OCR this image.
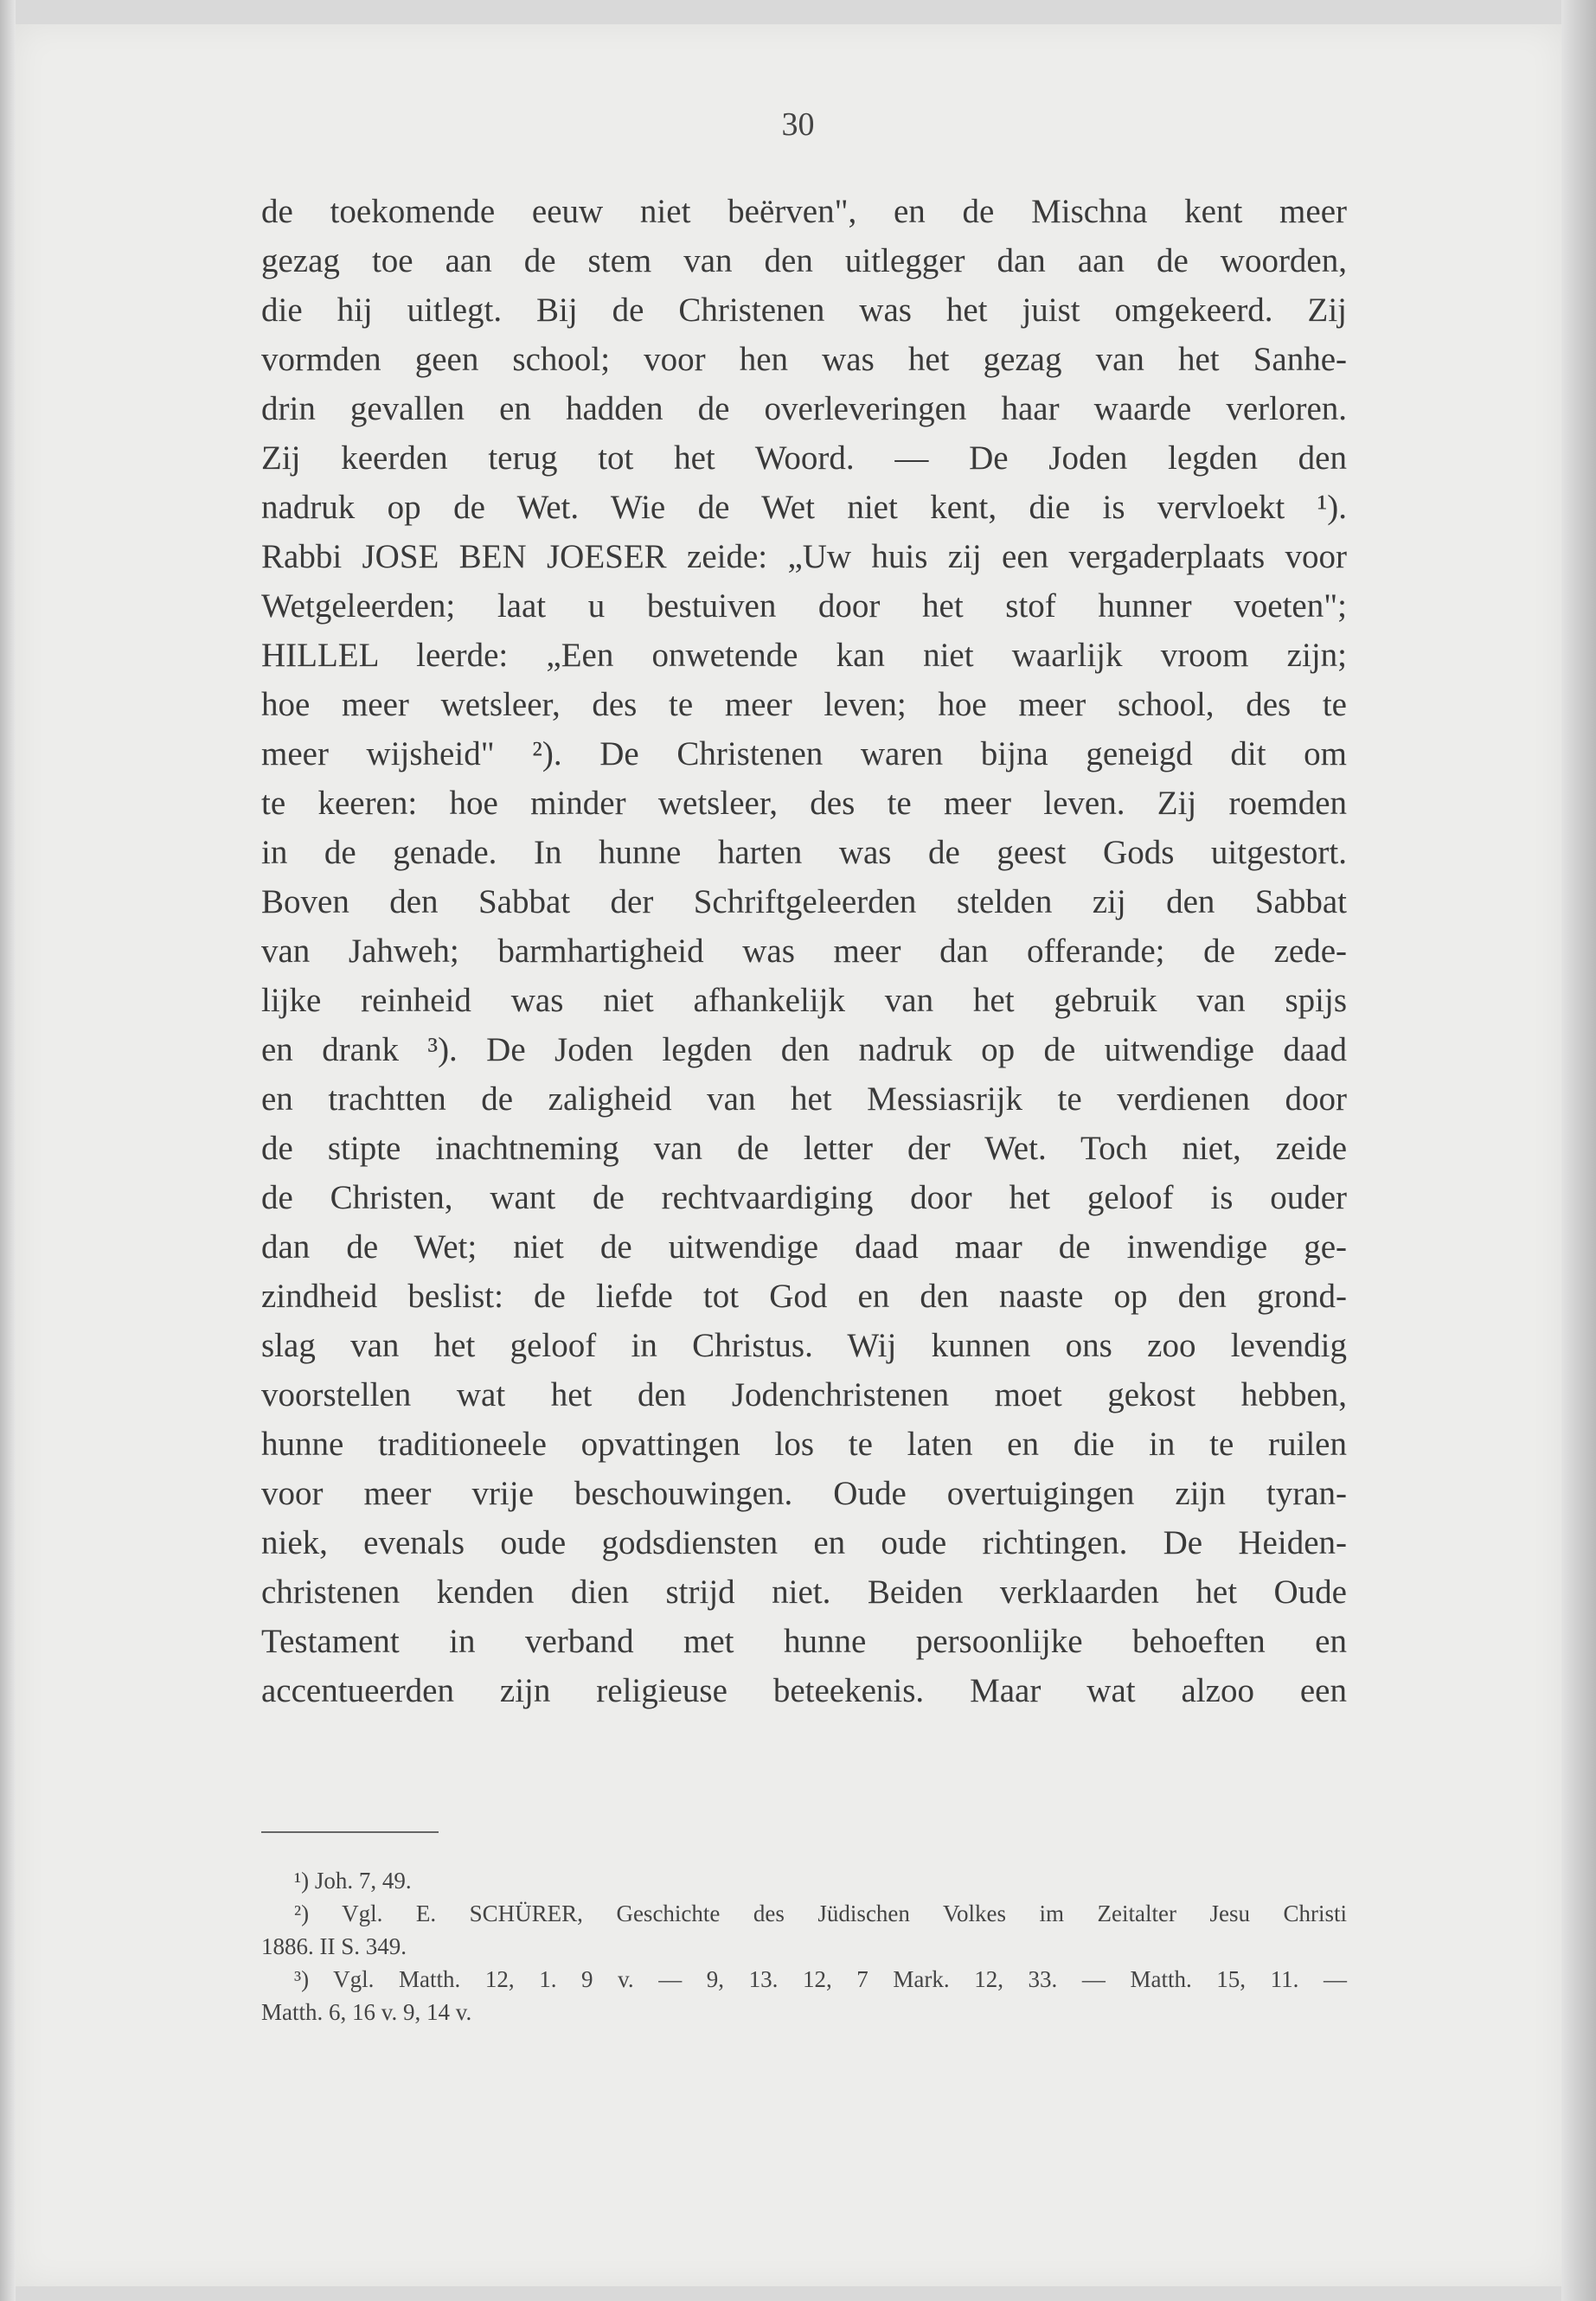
30
de toekomende eeuw niet beërven", en de Mischna kent meer
gezag toe aan de stem van den uitlegger dan aan de woorden,
die hij uitlegt. Bij de Christenen was het juist omgekeerd. Zij
vormden geen school; voor hen was het gezag van het Sanhe-
drin gevallen en hadden de overleveringen haar waarde verloren.
Zij keerden terug tot het Woord. — De Joden legden den
nadruk op de Wet. Wie de Wet niet kent, die is vervloekt ¹).
Rabbi JOSE BEN JOESER zeide: „Uw huis zij een vergaderplaats voor
Wetgeleerden; laat u bestuiven door het stof hunner voeten";
HILLEL leerde: „Een onwetende kan niet waarlijk vroom zijn;
hoe meer wetsleer, des te meer leven; hoe meer school, des te
meer wijsheid" ²). De Christenen waren bijna geneigd dit om
te keeren: hoe minder wetsleer, des te meer leven. Zij roemden
in de genade. In hunne harten was de geest Gods uitgestort.
Boven den Sabbat der Schriftgeleerden stelden zij den Sabbat
van Jahweh; barmhartigheid was meer dan offerande; de zede-
lijke reinheid was niet afhankelijk van het gebruik van spijs
en drank ³). De Joden legden den nadruk op de uitwendige daad
en trachtten de zaligheid van het Messiasrijk te verdienen door
de stipte inachtneming van de letter der Wet. Toch niet, zeide
de Christen, want de rechtvaardiging door het geloof is ouder
dan de Wet; niet de uitwendige daad maar de inwendige ge-
zindheid beslist: de liefde tot God en den naaste op den grond-
slag van het geloof in Christus. Wij kunnen ons zoo levendig
voorstellen wat het den Jodenchristenen moet gekost hebben,
hunne traditioneele opvattingen los te laten en die in te ruilen
voor meer vrije beschouwingen. Oude overtuigingen zijn tyran-
niek, evenals oude godsdiensten en oude richtingen. De Heiden-
christenen kenden dien strijd niet. Beiden verklaarden het Oude
Testament in verband met hunne persoonlijke behoeften en
accentueerden zijn religieuse beteekenis. Maar wat alzoo een
¹) Joh. 7, 49.
²) Vgl. E. SCHÜRER, Geschichte des Jüdischen Volkes im Zeitalter Jesu Christi
1886. II S. 349.
³) Vgl. Matth. 12, 1. 9 v. — 9, 13. 12, 7 Mark. 12, 33. — Matth. 15, 11. —
Matth. 6, 16 v. 9, 14 v.
